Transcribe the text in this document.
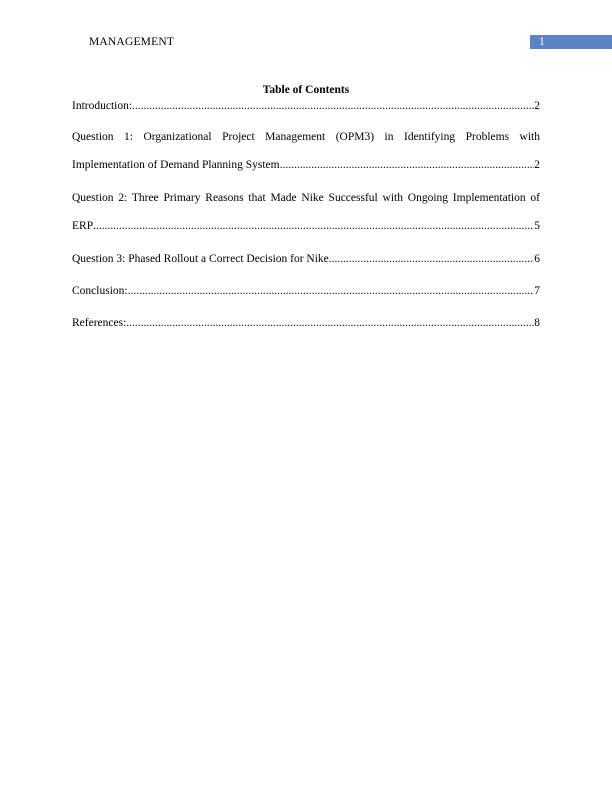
MANAGEMENT	1
Table of Contents
Introduction: .....	2
Question 1: Organizational Project Management (OPM3) in Identifying Problems with
Implementation of Demand Planning System. .....	2
Question 2: Three Primary Reasons that Made Nike Successful with Ongoing Implementation of
ERP .....	5
Question 3: Phased Rollout a Correct Decision for Nike .....	6
Conclusion: .....	7
References: .....	8
